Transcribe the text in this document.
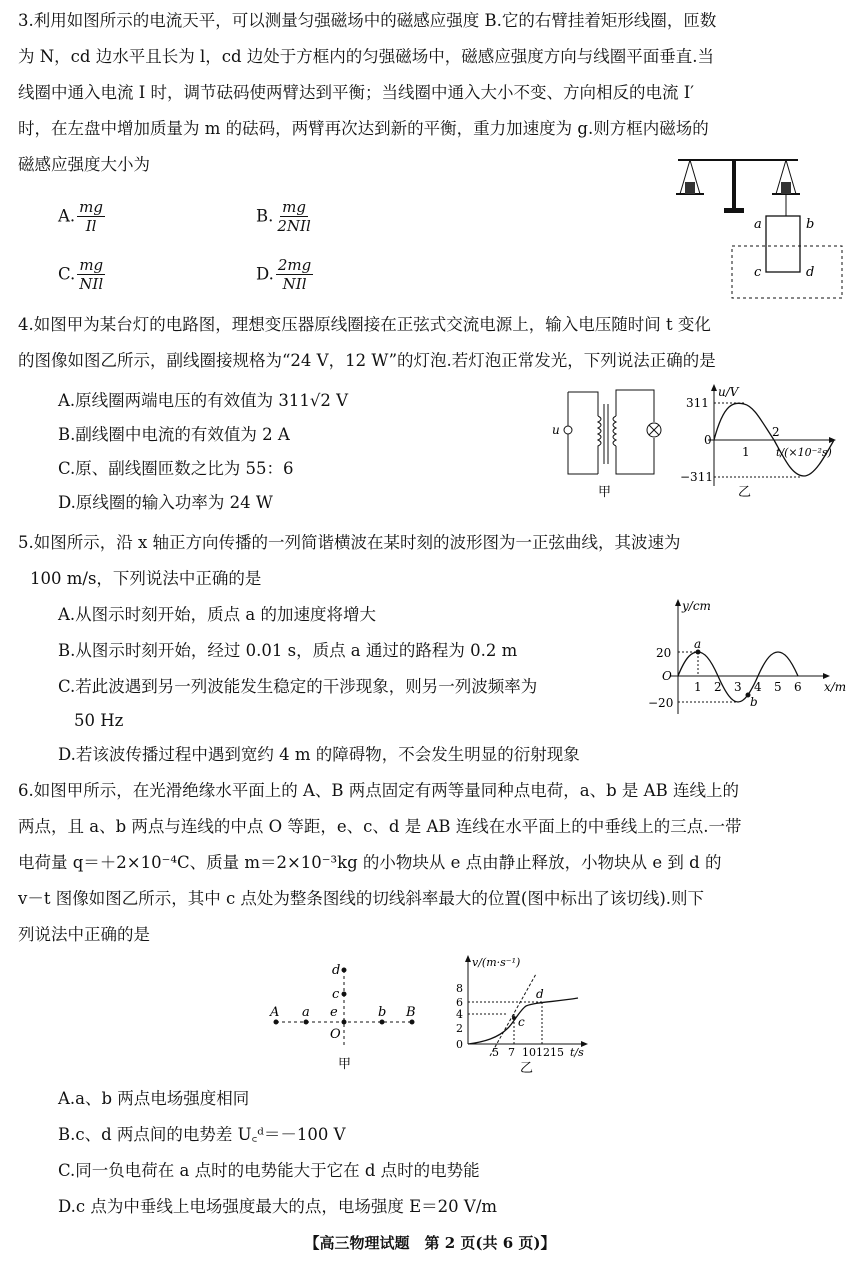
3.利用如图所示的电流天平，可以测量匀强磁场中的磁感应强度 B.它的右臂挂着矩形线圈，匝数
为 N，cd 边水平且长为 l，cd 边处于方框内的匀强磁场中，磁感应强度方向与线圈平面垂直.当
线圈中通入电流 I 时，调节砝码使两臂达到平衡；当线圈中通入大小不变、方向相反的电流 I′
时，在左盘中增加质量为 m 的砝码，两臂再次达到新的平衡，重力加速度为 g.则方框内磁场的
磁感应强度大小为
A. $\frac{mg}{Il}$	B. $\frac{mg}{\text{2NIl}}$
C. $\frac{mg}{\text{NIl}}$	D. $\frac{2mg}{\text{NIl}}$
a	b
c	d
4.如图甲为某台灯的电路图，理想变压器原线圈接在正弦式交流电源上，输入电压随时间 t 变化
的图像如图乙所示，副线圈接规格为“24 V，12 W”的灯泡.若灯泡正常发光，下列说法正确的是
A.原线圈两端电压的有效值为 311√2 V
B.副线圈中电流的有效值为 2 A
C.原、副线圈匝数之比为 55：6
D.原线圈的输入功率为 24 W
u
甲
u/V
311
0
−311
1
2
t/(×10⁻²s)
乙
5.如图所示，沿 x 轴正方向传播的一列简谐横波在某时刻的波形图为一正弦曲线，其波速为
100 m/s，下列说法中正确的是
A.从图示时刻开始，质点 a 的加速度将增大
B.从图示时刻开始，经过 0.01 s，质点 a 通过的路程为 0.2 m
C.若此波遇到另一列波能发生稳定的干涉现象，则另一列波频率为
50 Hz
D.若该波传播过程中遇到宽约 4 m 的障碍物，不会发生明显的衍射现象
y/cm
20
O
−20
a
b
1 2 3 4 5 6 x/m
6.如图甲所示，在光滑绝缘水平面上的 A、B 两点固定有两等量同种点电荷，a、b 是 AB 连线上的
两点，且 a、b 两点与连线的中点 O 等距，e、c、d 是 AB 连线在水平面上的中垂线上的三点.一带
电荷量 q＝＋2×10⁻⁴C、质量 m＝2×10⁻³kg 的小物块从 e 点由静止释放，小物块从 e 到 d 的
v－t 图像如图乙所示，其中 c 点处为整条图线的切线斜率最大的位置(图中标出了该切线).则下
列说法中正确的是
A a e	b B
c
d
O
甲
v/(m·s⁻¹)
8
6
4
2
0
5 7 10 12 15 t/s
c
d
乙
A.a、b 两点电场强度相同
B.c、d 两点间的电势差 U꜀ᵈ＝－100 V
C.同一负电荷在 a 点时的电势能大于它在 d 点时的电势能
D.c 点为中垂线上电场强度最大的点，电场强度 E＝20 V/m
【高三物理试题　第 2 页(共 6 页)】
